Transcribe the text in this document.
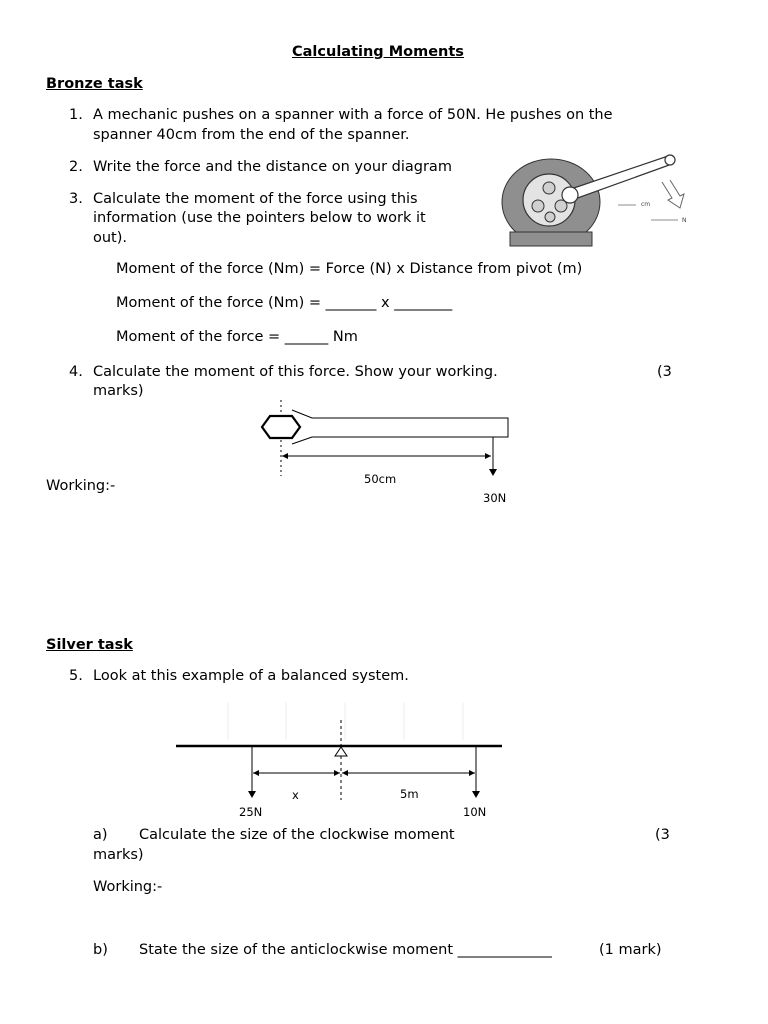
Calculating Moments
Bronze task
1. A mechanic pushes on a spanner with a force of 50N. He pushes on the
spanner 40cm from the end of the spanner.
2. Write the force and the distance on your diagram
3. Calculate the moment of the force using this
information (use the pointers below to work it
out).
cm
N
Moment of the force (Nm) = Force (N) x Distance from pivot (m)
Moment of the force (Nm) = _______ x ________
Moment of the force = ______ Nm
4. Calculate the moment of this force. Show your working.	(3
marks)
50cm
30N
Working:-
Silver task
5. Look at this example of a balanced system.
x	5m
25N	10N
a) Calculate the size of the clockwise moment	(3
marks)
Working:-
b) State the size of the anticlockwise moment _____________	(1 mark)
